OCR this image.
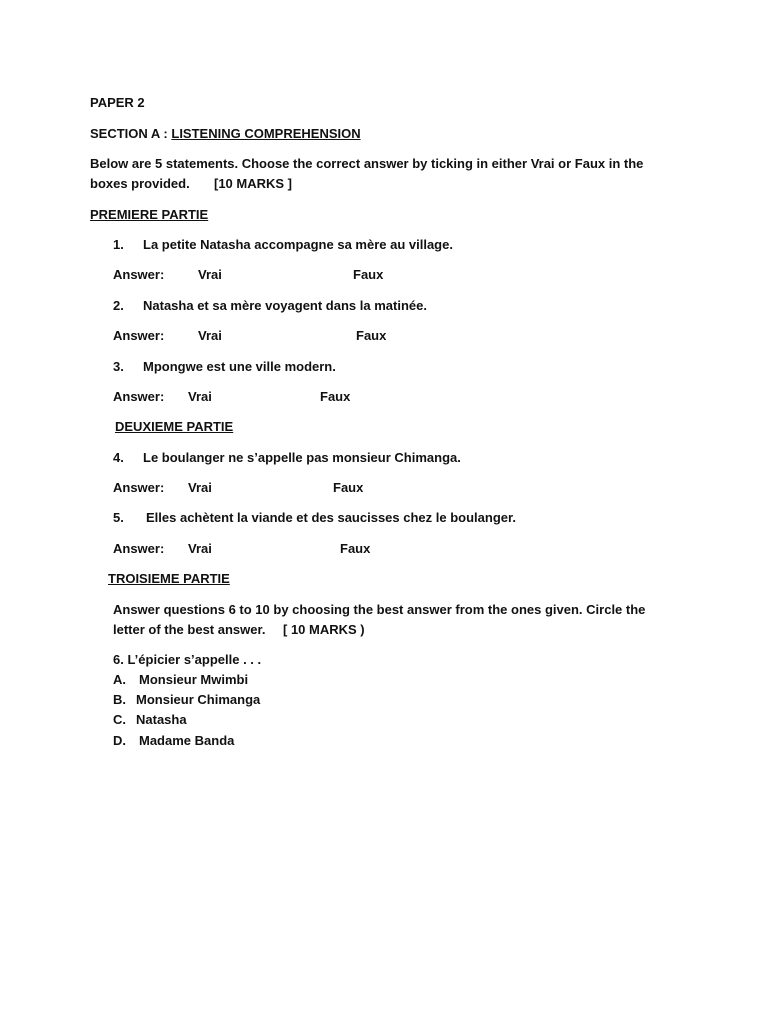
PAPER 2
SECTION A : LISTENING COMPREHENSION
Below are 5 statements. Choose the correct answer by ticking in either Vrai or Faux in the
boxes provided. [10 MARKS ]
PREMIERE PARTIE
1. La petite Natasha accompagne sa mère au village.
Answer:	Vrai	Faux
2. Natasha et sa mère voyagent dans la matinée.
Answer:	Vrai	Faux
3. Mpongwe est une ville modern.
Answer: Vrai	Faux
DEUXIEME PARTIE
4. Le boulanger ne s’appelle pas monsieur Chimanga.
Answer: Vrai	Faux
5. Elles achètent la viande et des saucisses chez le boulanger.
Answer: Vrai	Faux
TROISIEME PARTIE
Answer questions 6 to 10 by choosing the best answer from the ones given. Circle the
letter of the best answer. [ 10 MARKS )
6. L’épicier s’appelle . . .
A. Monsieur Mwimbi
B. Monsieur Chimanga
C. Natasha
D. Madame Banda
